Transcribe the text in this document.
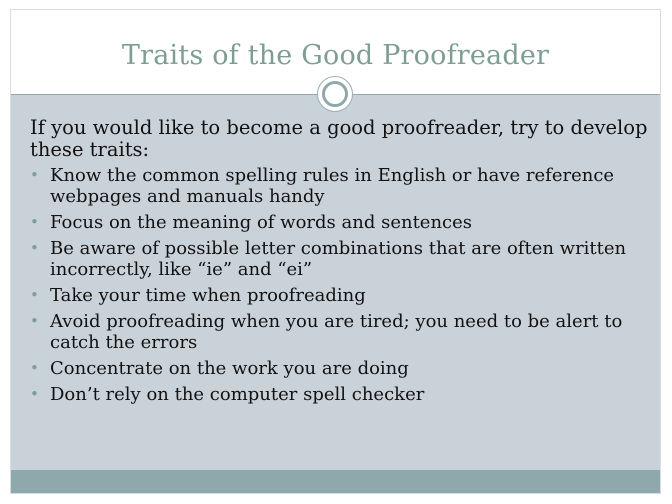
Traits of the Good Proofreader

If you would like to become a good proofreader, try to develop these traits:

• Know the common spelling rules in English or have reference webpages and manuals handy
• Focus on the meaning of words and sentences
• Be aware of possible letter combinations that are often written incorrectly, like “ie” and “ei”
• Take your time when proofreading
• Avoid proofreading when you are tired; you need to be alert to catch the errors
• Concentrate on the work you are doing
• Don’t rely on the computer spell checker
